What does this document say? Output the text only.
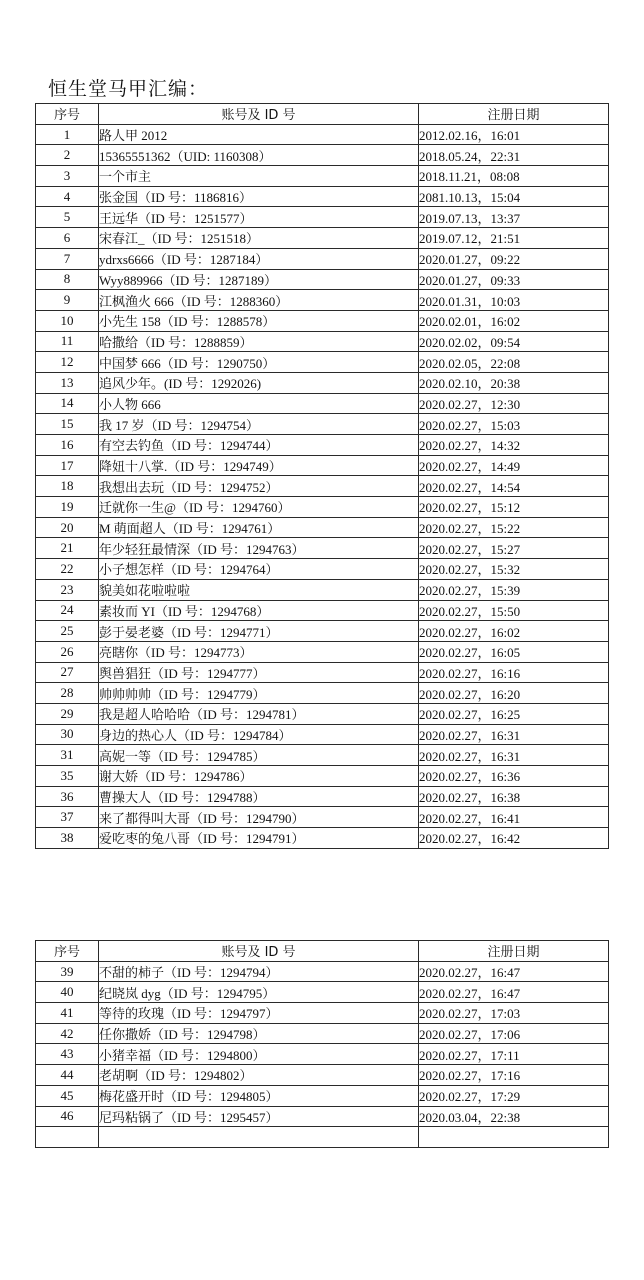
恒生堂马甲汇编：
序号	账号及 ID 号	注册日期
1	路人甲 2012	2012.02.16，16:01
2	15365551362（UID: 1160308）	2018.05.24，22:31
3	一个市主	2018.11.21，08:08
4	张金国（ID 号：1186816）	2081.10.13，15:04
5	王远华（ID 号：1251577）	2019.07.13，13:37
6	宋春江_（ID 号：1251518）	2019.07.12，21:51
7	ydrxs6666（ID 号：1287184）	2020.01.27，09:22
8	Wyy889966（ID 号：1287189）	2020.01.27，09:33
9	江枫渔火 666（ID 号：1288360）	2020.01.31，10:03
10	小先生 158（ID 号：1288578）	2020.02.01，16:02
11	哈撒给（ID 号：1288859）	2020.02.02，09:54
12	中国梦 666（ID 号：1290750）	2020.02.05，22:08
13	追风少年。(ID 号：1292026)	2020.02.10，20:38
14	小人物 666	2020.02.27，12:30
15	我 17 岁（ID 号：1294754）	2020.02.27，15:03
16	有空去钓鱼（ID 号：1294744）	2020.02.27，14:32
17	降妞十八掌.（ID 号：1294749）	2020.02.27，14:49
18	我想出去玩（ID 号：1294752）	2020.02.27，14:54
19	迁就你一生@（ID 号：1294760）	2020.02.27，15:12
20	M 萌面超人（ID 号：1294761）	2020.02.27，15:22
21	年少轻狂最情深（ID 号：1294763）	2020.02.27，15:27
22	小子想怎样（ID 号：1294764）	2020.02.27，15:32
23	貌美如花啦啦啦	2020.02.27，15:39
24	素妆而 YI（ID 号：1294768）	2020.02.27，15:50
25	彭于晏老婆（ID 号：1294771）	2020.02.27，16:02
26	亮瞎你（ID 号：1294773）	2020.02.27，16:05
27	舆兽猖狂（ID 号：1294777）	2020.02.27，16:16
28	帅帅帅帅（ID 号：1294779）	2020.02.27，16:20
29	我是超人哈哈哈（ID 号：1294781）	2020.02.27，16:25
30	身边的热心人（ID 号：1294784）	2020.02.27，16:31
31	高妮一等（ID 号：1294785）	2020.02.27，16:31
35	谢大娇（ID 号：1294786）	2020.02.27，16:36
36	曹操大人（ID 号：1294788）	2020.02.27，16:38
37	来了都得叫大哥（ID 号：1294790）	2020.02.27，16:41
38	爱吃枣的兔八哥（ID 号：1294791）	2020.02.27，16:42
序号	账号及 ID 号	注册日期
39	不甜的柿子（ID 号：1294794）	2020.02.27，16:47
40	纪晓岚 dyg（ID 号：1294795）	2020.02.27，16:47
41	等待的玫瑰（ID 号：1294797）	2020.02.27，17:03
42	任你撒娇（ID 号：1294798）	2020.02.27，17:06
43	小猪幸福（ID 号：1294800）	2020.02.27，17:11
44	老胡啊（ID 号：1294802）	2020.02.27，17:16
45	梅花盛开时（ID 号：1294805）	2020.02.27，17:29
46	尼玛粘锅了（ID 号：1295457）	2020.03.04，22:38
